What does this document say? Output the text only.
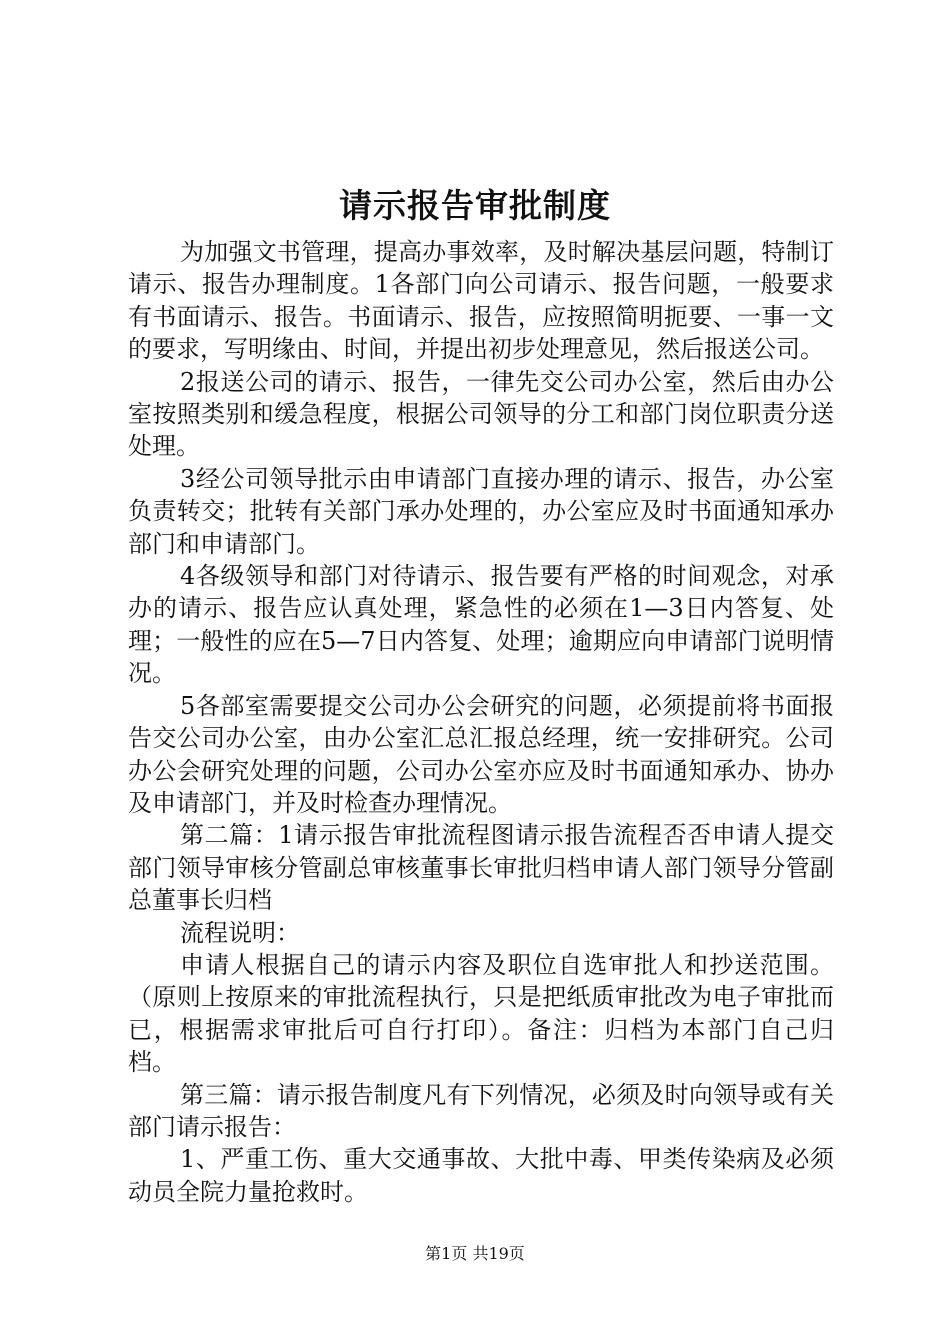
请示报告审批制度

为加强文书管理，提高办事效率，及时解决基层问题，特制订请示、报告办理制度。1各部门向公司请示、报告问题，一般要求有书面请示、报告。书面请示、报告，应按照简明扼要、一事一文的要求，写明缘由、时间，并提出初步处理意见，然后报送公司。

2报送公司的请示、报告，一律先交公司办公室，然后由办公室按照类别和缓急程度，根据公司领导的分工和部门岗位职责分送处理。

3经公司领导批示由申请部门直接办理的请示、报告，办公室负责转交；批转有关部门承办处理的，办公室应及时书面通知承办部门和申请部门。

4各级领导和部门对待请示、报告要有严格的时间观念，对承办的请示、报告应认真处理，紧急性的必须在1—3日内答复、处理；一般性的应在5—7日内答复、处理；逾期应向申请部门说明情况。

5各部室需要提交公司办公会研究的问题，必须提前将书面报告交公司办公室，由办公室汇总汇报总经理，统一安排研究。公司办公会研究处理的问题，公司办公室亦应及时书面通知承办、协办及申请部门，并及时检查办理情况。

第二篇：1请示报告审批流程图请示报告流程否否申请人提交部门领导审核分管副总审核董事长审批归档申请人部门领导分管副总董事长归档

流程说明：

申请人根据自己的请示内容及职位自选审批人和抄送范围。（原则上按原来的审批流程执行，只是把纸质审批改为电子审批而已，根据需求审批后可自行打印）。备注：归档为本部门自己归档。

第三篇：请示报告制度凡有下列情况，必须及时向领导或有关部门请示报告：

1、严重工伤、重大交通事故、大批中毒、甲类传染病及必须动员全院力量抢救时。

第1页 共19页
